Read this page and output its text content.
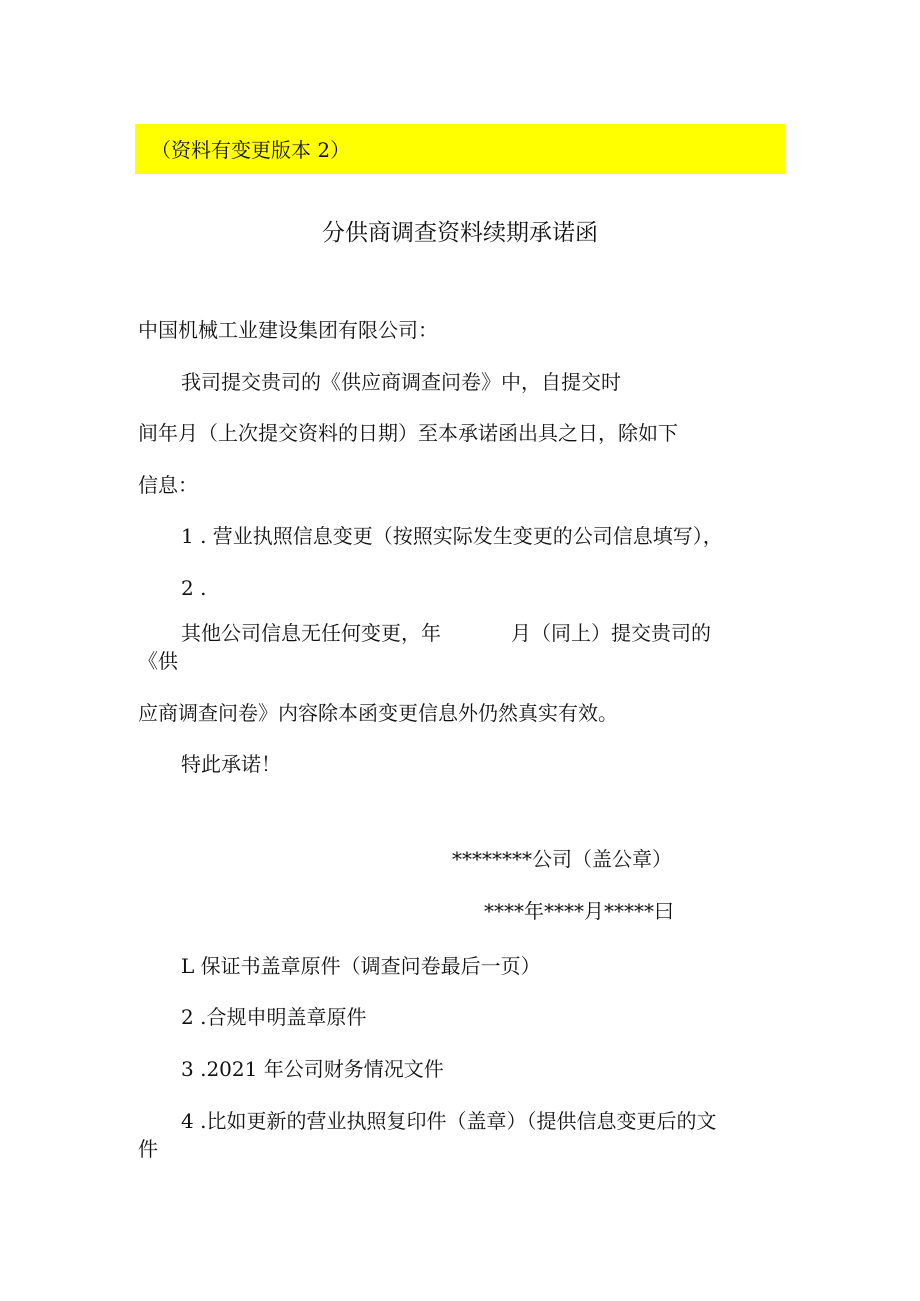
（资料有变更版本 2）
分供商调查资料续期承诺函
中国机械工业建设集团有限公司：
我司提交贵司的《供应商调查问卷》中，自提交时
间年月（上次提交资料的日期）至本承诺函出具之日，除如下
信息：
1 . 营业执照信息变更（按照实际发生变更的公司信息填写），
2 .
其他公司信息无任何变更，年	月（同上）提交贵司的
《供
应商调查问卷》内容除本函变更信息外仍然真实有效。
特此承诺！
********公司（盖公章）
****年****月*****曰
L 保证书盖章原件（调查问卷最后一页）
2 .合规申明盖章原件
3 .2021 年公司财务情况文件
4 .比如更新的营业执照复印件（盖章）（提供信息变更后的文
件
